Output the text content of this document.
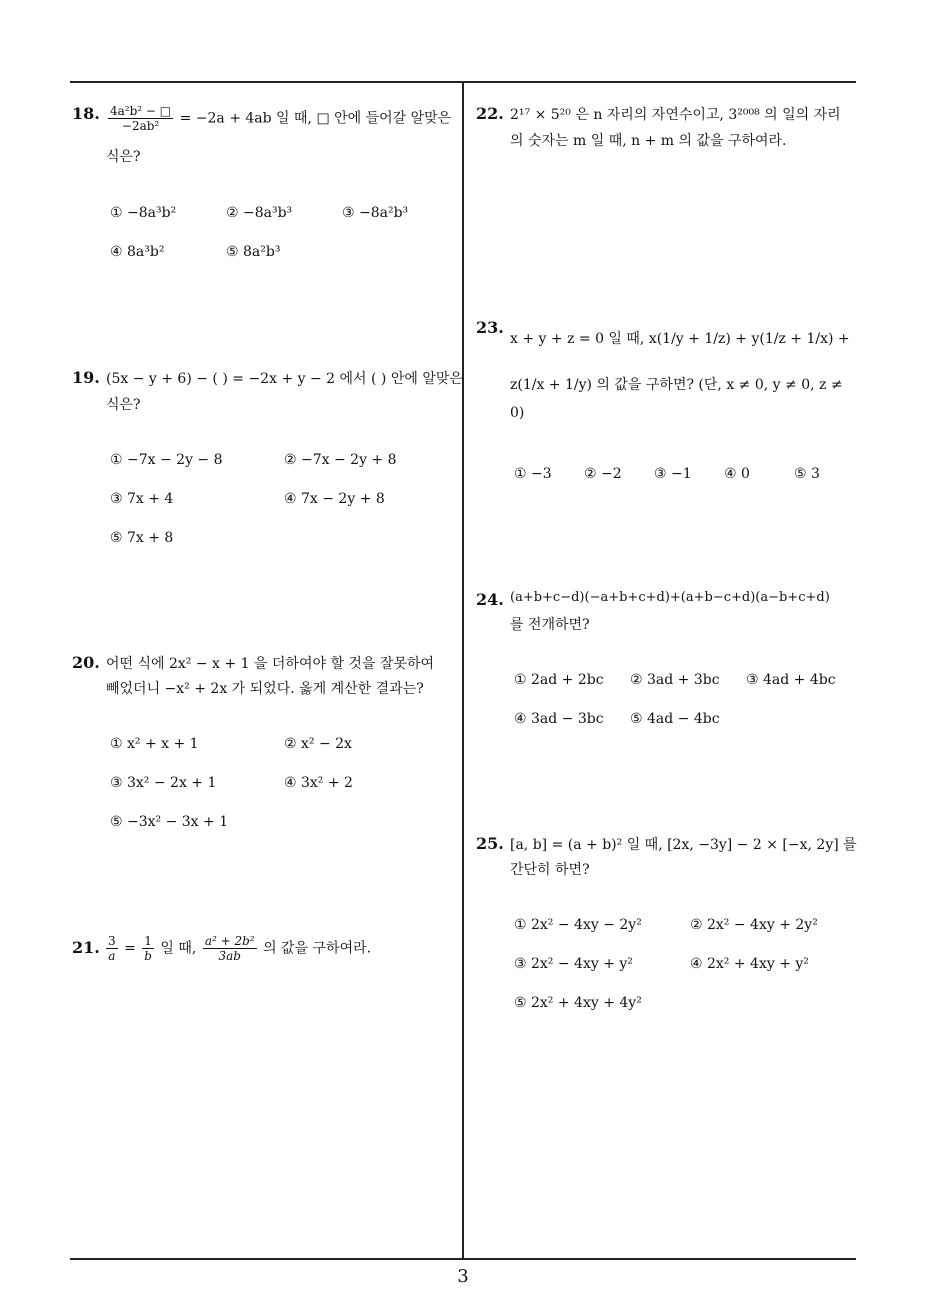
3
18. $\frac{\text{4a²b² − □}}{\text{−2ab²}} = -2a + 4ab$ 일 때, □ 안에 들어갈 알맞은
식은?
① −8a³b²	② −8a³b³	③ −8a²b³
④ 8a³b²	⑤ 8a²b³
19. (5x − y + 6) − ( ) = −2x + y − 2 에서 ( ) 안에 알맞은
식은?
① −7x − 2y − 8	② −7x − 2y + 8
③ 7x + 4	④ 7x − 2y + 8
⑤ 7x + 8
20. 어떤 식에 2x² − x + 1 을 더하여야 할 것을 잘못하여
빼었더니 −x² + 2x 가 되었다. 옳게 계산한 결과는?
① x² + x + 1	② x² − 2x
③ 3x² − 2x + 1	④ 3x² + 2
⑤ −3x² − 3x + 1
21. $\frac{3}{a} = \frac{1}{b}$ 일 때, $\frac{\text{a² + 2b²}}{3ab}$ 의 값을 구하여라.
22. 2¹⁷ × 5²⁰ 은 n 자리의 자연수이고, 3²⁰⁰⁸ 의 일의 자리
의 숫자는 m 일 때, n + m 의 값을 구하여라.
23.
x + y + z = 0 일 때, x(1/y + 1/z) + y(1/z + 1/x) +
z(1/x + 1/y) 의 값을 구하면? (단, x ≠ 0, y ≠ 0, z ≠
0)
① −3 ② −2 ③ −1 ④ 0	⑤ 3
24. (a+b+c−d)(−a+b+c+d)+(a+b−c+d)(a−b+c+d)
를 전개하면?
① 2ad + 2bc ② 3ad + 3bc ③ 4ad + 4bc
④ 3ad − 3bc ⑤ 4ad − 4bc
25. [a, b] = (a + b)² 일 때, [2x, −3y] − 2 × [−x, 2y] 를
간단히 하면?
① 2x² − 4xy − 2y²	② 2x² − 4xy + 2y²
③ 2x² − 4xy + y²	④ 2x² + 4xy + y²
⑤ 2x² + 4xy + 4y²
